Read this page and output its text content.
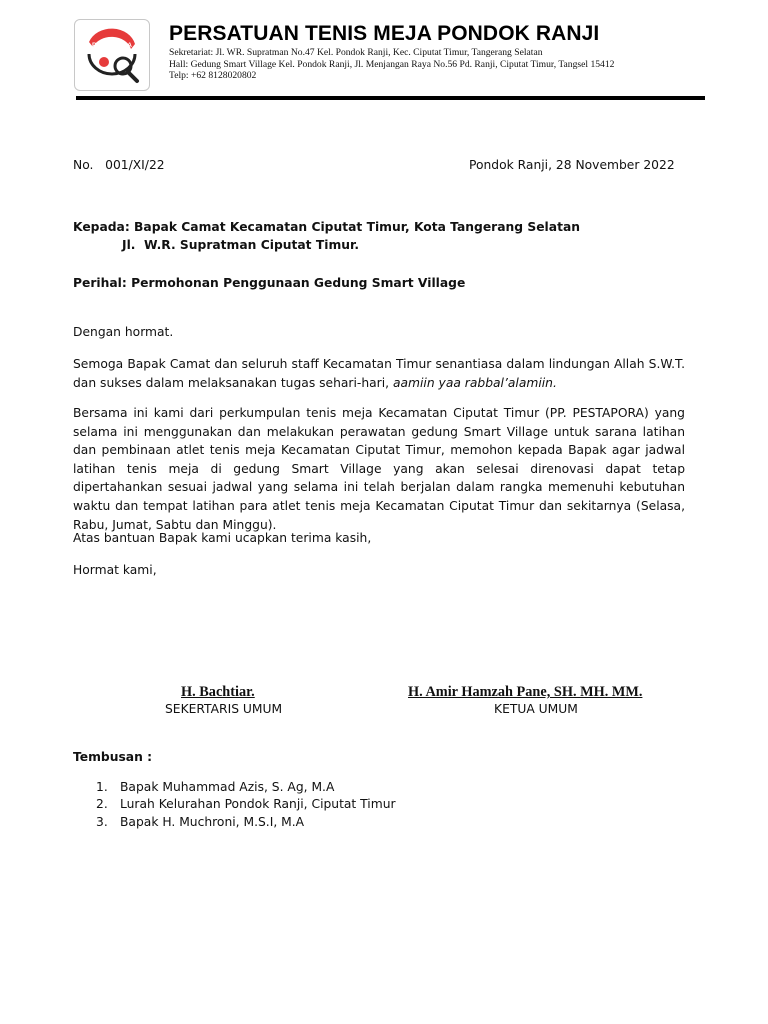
PESTAPORA
PERSATUAN TENIS MEJA PONDOK RANJI
Sekretariat: Jl. WR. Supratman No.47 Kel. Pondok Ranji, Kec. Ciputat Timur, Tangerang Selatan
Hall: Gedung Smart Village Kel. Pondok Ranji, Jl. Menjangan Raya No.56 Pd. Ranji, Ciputat Timur, Tangsel 15412
Telp: +62 8128020802
No.   001/XI/22	Pondok Ranji, 28 November 2022
Kepada: Bapak Camat Kecamatan Ciputat Timur, Kota Tangerang Selatan
Jl.  W.R. Supratman Ciputat Timur.
Perihal: Permohonan Penggunaan Gedung Smart Village
Dengan hormat.
Semoga Bapak Camat dan seluruh staff Kecamatan Timur senantiasa dalam lindungan Allah S.W.T. dan sukses dalam melaksanakan tugas sehari-hari, aamiin yaa rabbal’alamiin.
Bersama ini kami dari perkumpulan tenis meja Kecamatan Ciputat Timur (PP. PESTAPORA) yang selama ini menggunakan dan melakukan perawatan gedung Smart Village untuk sarana latihan dan pembinaan atlet tenis meja Kecamatan Ciputat Timur, memohon kepada Bapak agar jadwal latihan tenis meja di gedung Smart Village yang akan selesai direnovasi dapat tetap dipertahankan sesuai jadwal yang selama ini telah berjalan dalam rangka memenuhi kebutuhan waktu dan tempat latihan para atlet tenis meja Kecamatan Ciputat Timur dan sekitarnya (Selasa, Rabu, Jumat, Sabtu dan Minggu).
Atas bantuan Bapak kami ucapkan terima kasih,
Hormat kami,
H. Bachtiar.
SEKERTARIS UMUM
H. Amir Hamzah Pane, SH. MH. MM.
KETUA UMUM
Tembusan :
1. Bapak Muhammad Azis, S. Ag, M.A
2. Lurah Kelurahan Pondok Ranji, Ciputat Timur
3. Bapak H. Muchroni, M.S.I, M.A
